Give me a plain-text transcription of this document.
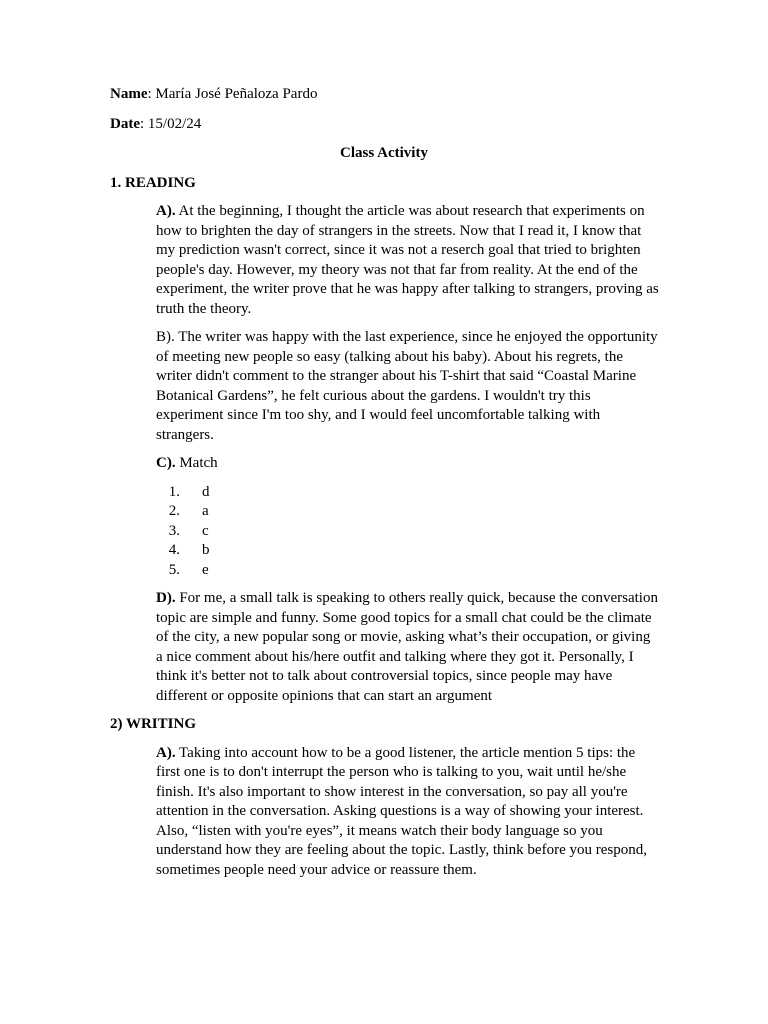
Name: María José Peñaloza Pardo

Date: 15/02/24

Class Activity

1. READING

A). At the beginning, I thought the article was about research that experiments on how to brighten the day of strangers in the streets. Now that I read it, I know that my prediction wasn't correct, since it was not a reserch goal that tried to brighten people's day. However, my theory was not that far from reality. At the end of the experiment, the writer prove that he was happy after talking to strangers, proving as truth the theory.

B). The writer was happy with the last experience, since he enjoyed the opportunity of meeting new people so easy (talking about his baby). About his regrets, the writer didn't comment to the stranger about his T-shirt that said “Coastal Marine Botanical Gardens”, he felt curious about the gardens. I wouldn't try this experiment since I'm too shy, and I would feel uncomfortable talking with strangers.

C). Match

1. d
2. a
3. c
4. b
5. e

D). For me, a small talk is speaking to others really quick, because the conversation topic are simple and funny. Some good topics for a small chat could be the climate of the city, a new popular song or movie, asking what’s their occupation, or giving a nice comment about his/here outfit and talking where they got it. Personally, I think it's better not to talk about controversial topics, since people may have different or opposite opinions that can start an argument

2) WRITING

A). Taking into account how to be a good listener, the article mention 5 tips: the first one is to don't interrupt the person who is talking to you, wait until he/she finish. It's also important to show interest in the conversation, so pay all you're attention in the conversation. Asking questions is a way of showing your interest. Also, “listen with you're eyes”, it means watch their body language so you understand how they are feeling about the topic. Lastly, think before you respond, sometimes people need your advice or reassure them.
